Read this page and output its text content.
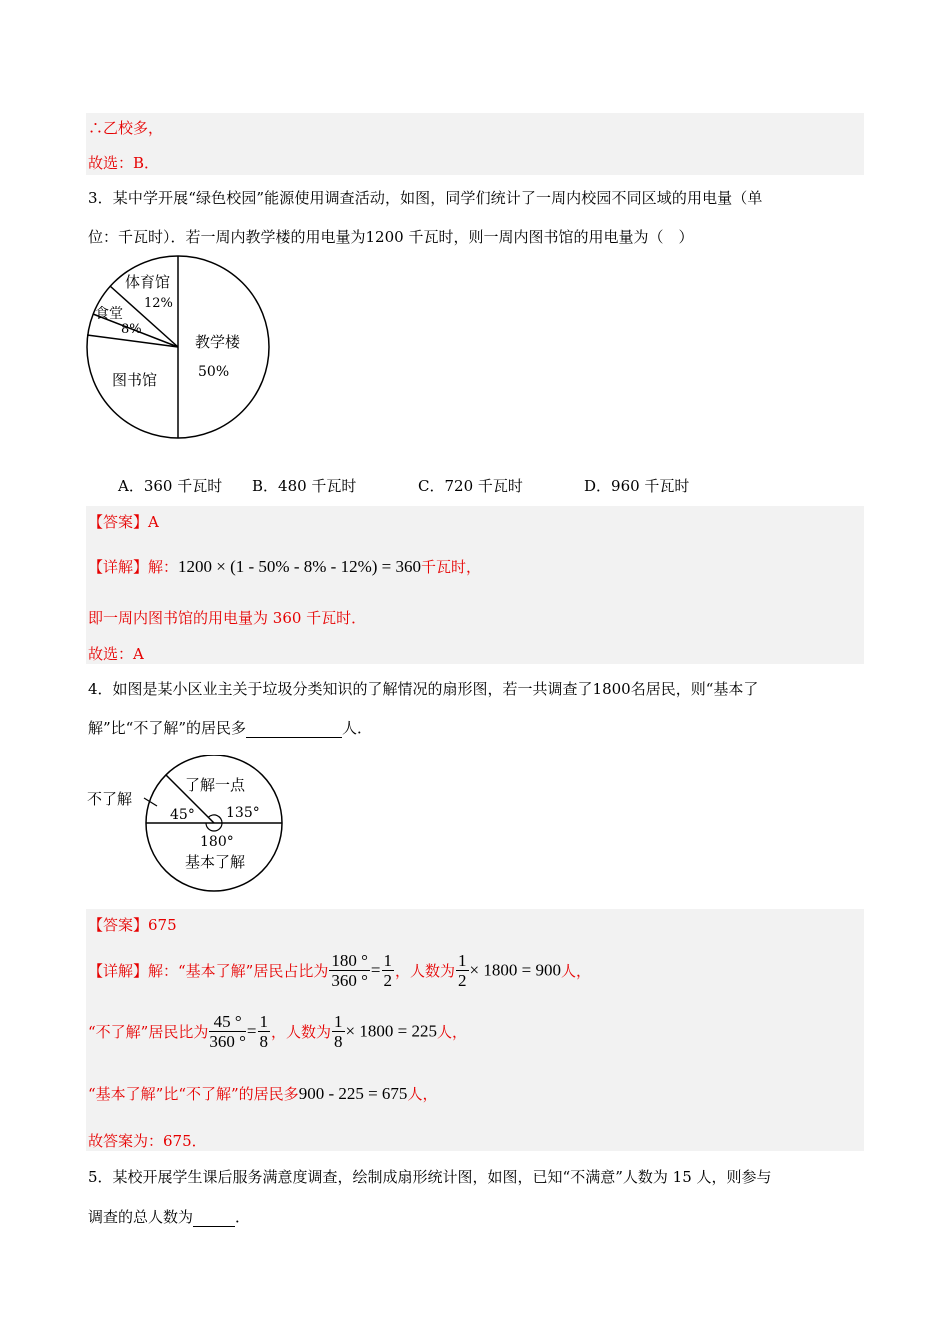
∴乙校多，
故选：B．
3．某中学开展“绿色校园”能源使用调查活动，如图，同学们统计了一周内校园不同区域的用电量（单
位：千瓦时）．若一周内教学楼的用电量为1200 千瓦时，则一周内图书馆的用电量为（　）
教学楼
50%
图书馆
体育馆
12%
食堂
8%
A．360 千瓦时 B．480 千瓦时	C．720 千瓦时	D．960 千瓦时
【答案】A
【详解】解：1200 × (1 - 50% - 8% - 12%) = 360千瓦时，
即一周内图书馆的用电量为 360 千瓦时．
故选：A
4．如图是某小区业主关于垃圾分类知识的了解情况的扇形图，若一共调查了1800名居民，则“基本了
解”比“不了解”的居民多	人．
了解一点
不了解
基本了解
45° 135°
180°
【答案】675
【详解】解：“基本了解”居民占比为 $\frac{180 ^\circ}{360 ^\circ} = \frac{1}{2}$ ，人数为 $\frac{1}{2} \times 1800 = 900$人，
“不了解”居民比为 $\frac{45 ^\circ}{360 ^\circ} = \frac{1}{8}$ ，人数为 $\frac{1}{8} \times 1800 = 225$人，
“基本了解”比“不了解”的居民多900 - 225 = 675人，
故答案为：675．
5．某校开展学生课后服务满意度调查，绘制成扇形统计图，如图，已知“不满意”人数为 15 人，则参与
调查的总人数为	．
